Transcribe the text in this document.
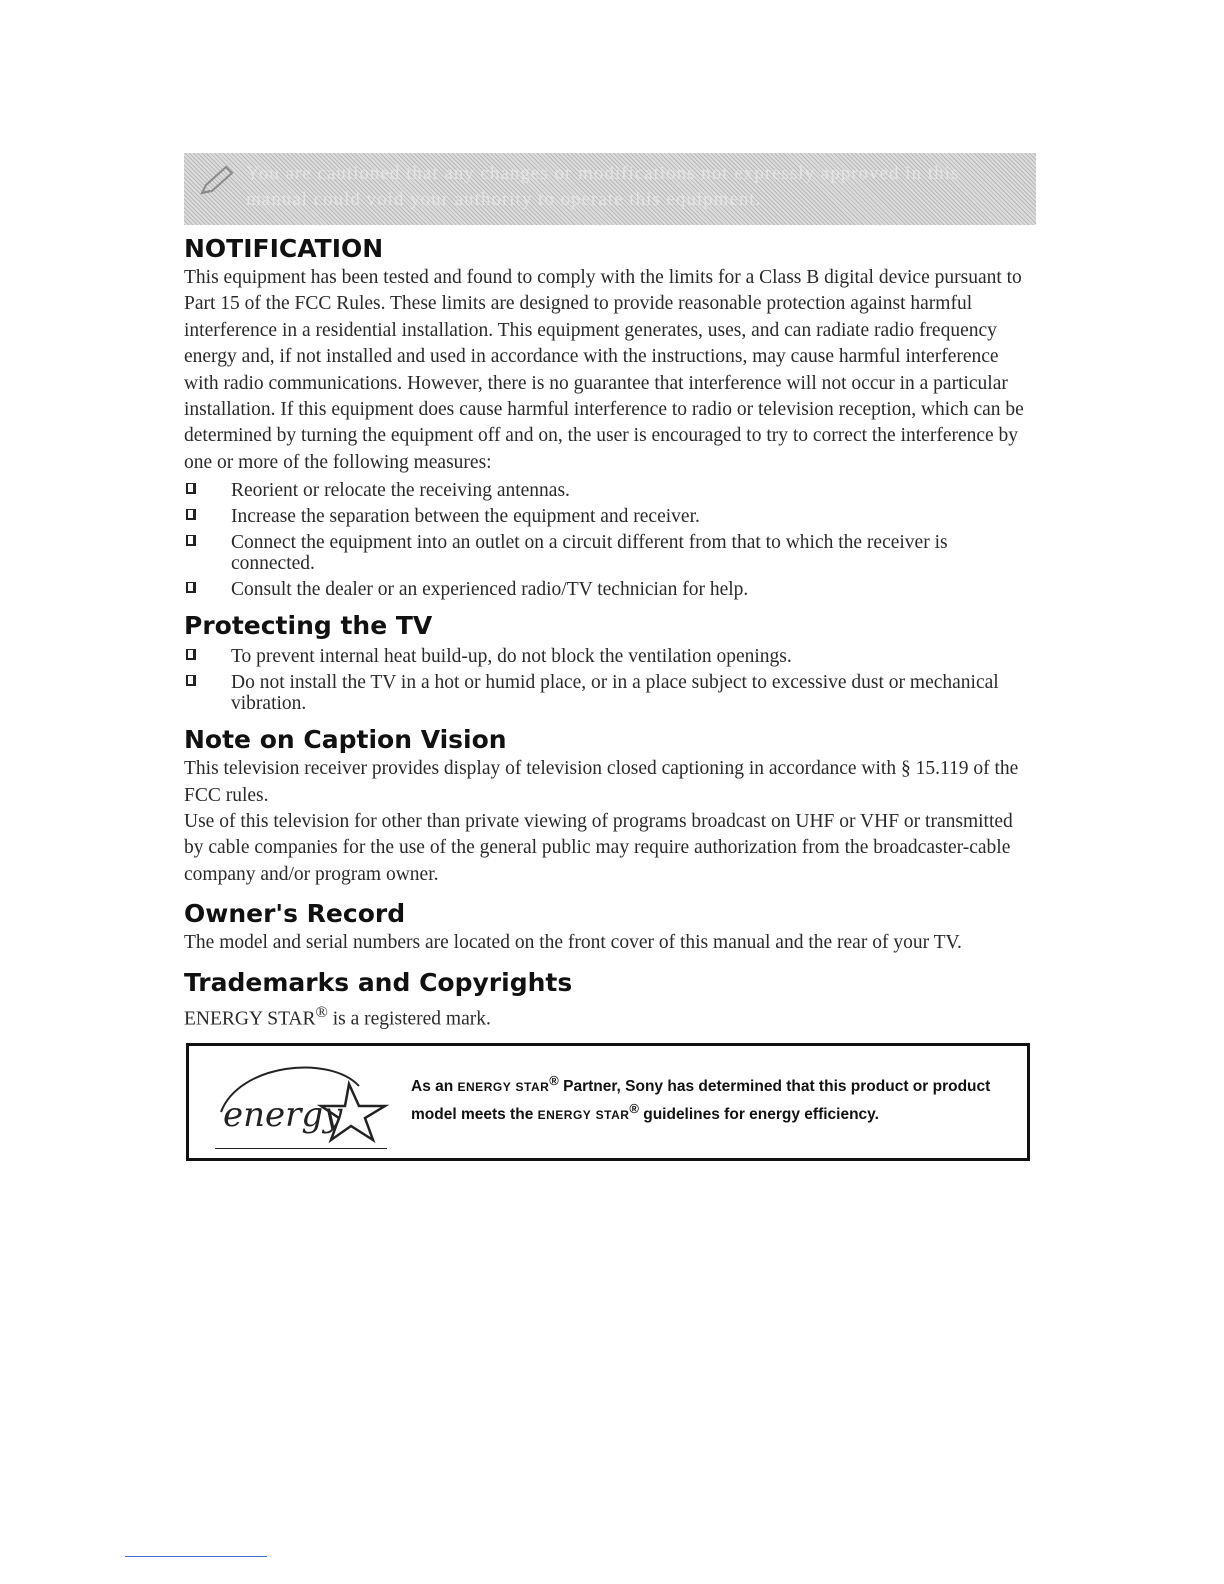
You are cautioned that any changes or modifications not expressly approved in this manual could void your authority to operate this equipment.
NOTIFICATION

This equipment has been tested and found to comply with the limits for a Class B digital device pursuant to Part 15 of the FCC Rules. These limits are designed to provide reasonable protection against harmful interference in a residential installation. This equipment generates, uses, and can radiate radio frequency energy and, if not installed and used in accordance with the instructions, may cause harmful interference with radio communications. However, there is no guarantee that interference will not occur in a particular installation. If this equipment does cause harmful interference to radio or television reception, which can be determined by turning the equipment off and on, the user is encouraged to try to correct the interference by one or more of the following measures:

Reorient or relocate the receiving antennas.
Increase the separation between the equipment and receiver.
Connect the equipment into an outlet on a circuit different from that to which the receiver is connected.
Consult the dealer or an experienced radio/TV technician for help.
Protecting the TV
To prevent internal heat build-up, do not block the ventilation openings.
Do not install the TV in a hot or humid place, or in a place subject to excessive dust or mechanical vibration.
Note on Caption Vision

This television receiver provides display of television closed captioning in accordance with § 15.119 of the FCC rules.

Use of this television for other than private viewing of programs broadcast on UHF or VHF or transmitted by cable companies for the use of the general public may require authorization from the broadcaster-cable company and/or program owner.

Owner's Record

The model and serial numbers are located on the front cover of this manual and the rear of your TV.

Trademarks and Copyrights

ENERGY STAR® is a registered mark.

energy
As an ENERGY STAR® Partner, Sony has determined that this product or product
model meets the ENERGY STAR® guidelines for energy efficiency.
